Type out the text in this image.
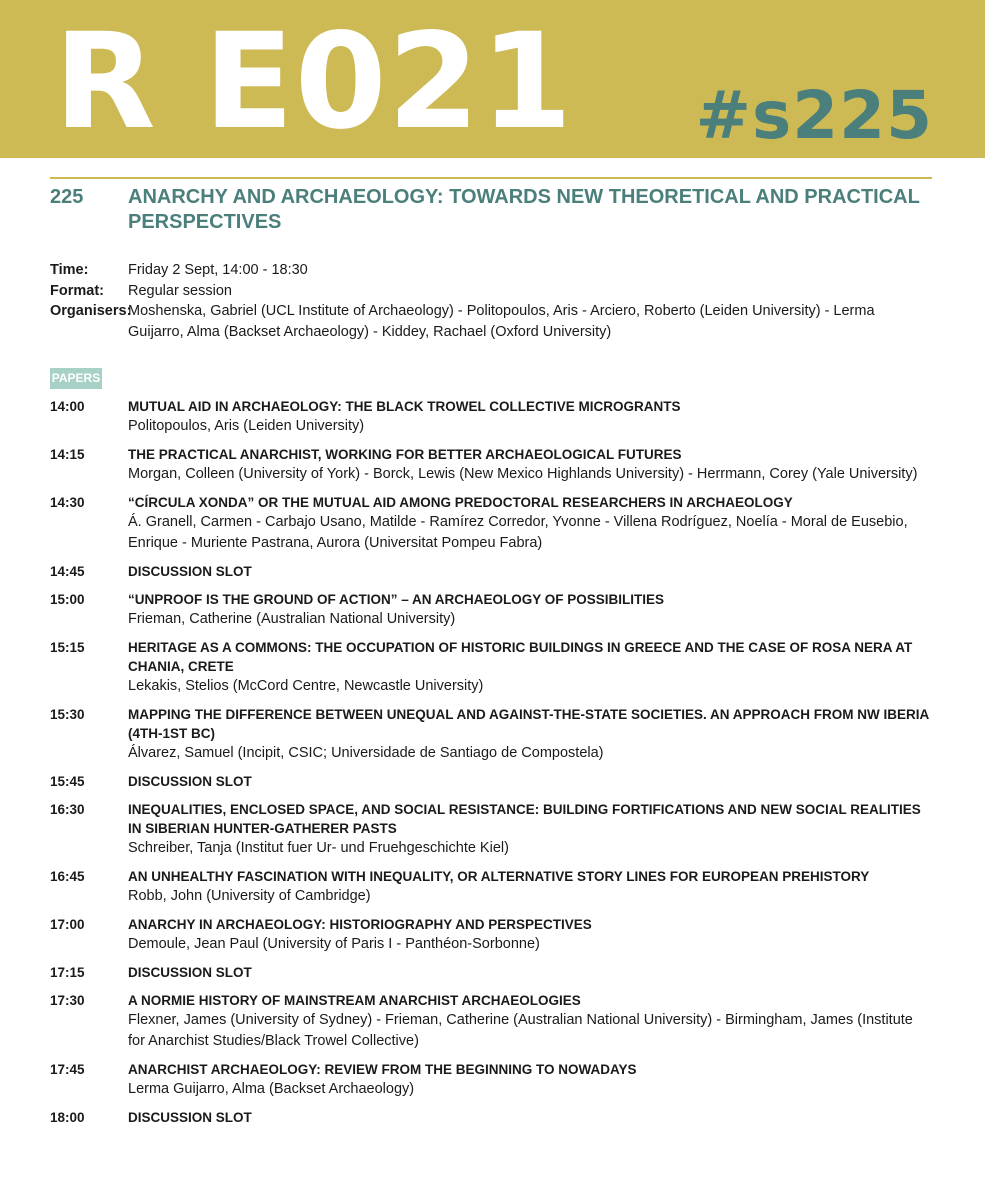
R E021 #s225
225 ANARCHY AND ARCHAEOLOGY: TOWARDS NEW THEORETICAL AND PRACTICAL PERSPECTIVES
Time:	Friday 2 Sept, 14:00 - 18:30
Format:	Regular session
Organisers:
Moshenska, Gabriel (UCL Institute of Archaeology) - Politopoulos, Aris - Arciero, Roberto (Leiden University) - Lerma Guijarro, Alma (Backset Archaeology) - Kiddey, Rachael (Oxford University)
PAPERS
14:00	MUTUAL AID IN ARCHAEOLOGY: THE BLACK TROWEL COLLECTIVE MICROGRANTS
Politopoulos, Aris (Leiden University)
14:15	THE PRACTICAL ANARCHIST, WORKING FOR BETTER ARCHAEOLOGICAL FUTURES
Morgan, Colleen (University of York) - Borck, Lewis (New Mexico Highlands University) - Herrmann, Corey (Yale University)
14:30	“CÍRCULA XONDA” OR THE MUTUAL AID AMONG PREDOCTORAL RESEARCHERS IN ARCHAEOLOGY
Á. Granell, Carmen - Carbajo Usano, Matilde - Ramírez Corredor, Yvonne - Villena Rodríguez, Noelía - Moral de Eusebio, Enrique - Muriente Pastrana, Aurora (Universitat Pompeu Fabra)
14:45	DISCUSSION SLOT
15:00	“UNPROOF IS THE GROUND OF ACTION” – AN ARCHAEOLOGY OF POSSIBILITIES
Frieman, Catherine (Australian National University)
15:15	HERITAGE AS A COMMONS: THE OCCUPATION OF HISTORIC BUILDINGS IN GREECE AND THE CASE OF ROSA NERA AT CHANIA, CRETE
Lekakis, Stelios (McCord Centre, Newcastle University)
15:30	MAPPING THE DIFFERENCE BETWEEN UNEQUAL AND AGAINST-THE-STATE SOCIETIES. AN APPROACH FROM NW IBERIA (4TH-1ST BC)
Álvarez, Samuel (Incipit, CSIC; Universidade de Santiago de Compostela)
15:45	DISCUSSION SLOT
16:30	INEQUALITIES, ENCLOSED SPACE, AND SOCIAL RESISTANCE: BUILDING FORTIFICATIONS AND NEW SOCIAL REALITIES IN SIBERIAN HUNTER-GATHERER PASTS
Schreiber, Tanja (Institut fuer Ur- und Fruehgeschichte Kiel)
16:45	AN UNHEALTHY FASCINATION WITH INEQUALITY, OR ALTERNATIVE STORY LINES FOR EUROPEAN PREHISTORY
Robb, John (University of Cambridge)
17:00	ANARCHY IN ARCHAEOLOGY: HISTORIOGRAPHY AND PERSPECTIVES
Demoule, Jean Paul (University of Paris I - Panthéon-Sorbonne)
17:15	DISCUSSION SLOT
17:30	A NORMIE HISTORY OF MAINSTREAM ANARCHIST ARCHAEOLOGIES
Flexner, James (University of Sydney) - Frieman, Catherine (Australian National University) - Birmingham, James (Institute for Anarchist Studies/Black Trowel Collective)
17:45	ANARCHIST ARCHAEOLOGY: REVIEW FROM THE BEGINNING TO NOWADAYS
Lerma Guijarro, Alma (Backset Archaeology)
18:00	DISCUSSION SLOT
